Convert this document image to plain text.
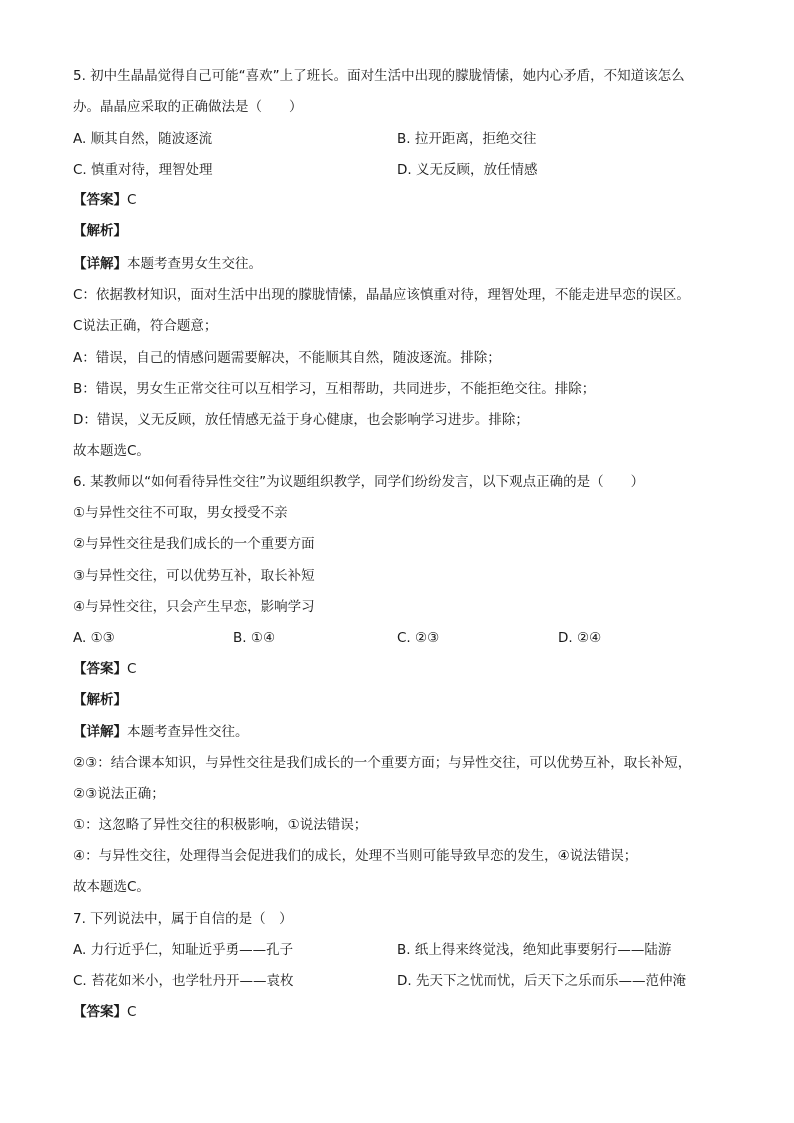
5. 初中生晶晶觉得自己可能“喜欢”上了班长。面对生活中出现的朦胧情愫，她内心矛盾，不知道该怎么
办。晶晶应采取的正确做法是（　　）
A. 顺其自然，随波逐流	B. 拉开距离，拒绝交往
C. 慎重对待，理智处理	D. 义无反顾，放任情感
【答案】C
【解析】
【详解】本题考查男女生交往。
C：依据教材知识，面对生活中出现的朦胧情愫，晶晶应该慎重对待，理智处理，不能走进早恋的误区。
C说法正确，符合题意；
A：错误，自己的情感问题需要解决，不能顺其自然，随波逐流。排除；
B：错误，男女生正常交往可以互相学习，互相帮助，共同进步，不能拒绝交往。排除；
D：错误，义无反顾，放任情感无益于身心健康，也会影响学习进步。排除；
故本题选C。
6. 某教师以“如何看待异性交往”为议题组织教学，同学们纷纷发言，以下观点正确的是（　　）
①与异性交往不可取，男女授受不亲
②与异性交往是我们成长的一个重要方面
③与异性交往，可以优势互补，取长补短
④与异性交往，只会产生早恋，影响学习
A. ①③	B. ①④	C. ②③	D. ②④
【答案】C
【解析】
【详解】本题考查异性交往。
②③：结合课本知识，与异性交往是我们成长的一个重要方面；与异性交往，可以优势互补，取长补短，
②③说法正确；
①：这忽略了异性交往的积极影响，①说法错误；
④：与异性交往，处理得当会促进我们的成长，处理不当则可能导致早恋的发生，④说法错误；
故本题选C。
7. 下列说法中，属于自信的是（　）
A. 力行近乎仁，知耻近乎勇——孔子	B. 纸上得来终觉浅，绝知此事要躬行——陆游
C. 苔花如米小，也学牡丹开——袁枚	D. 先天下之忧而忧，后天下之乐而乐——范仲淹
【答案】C
